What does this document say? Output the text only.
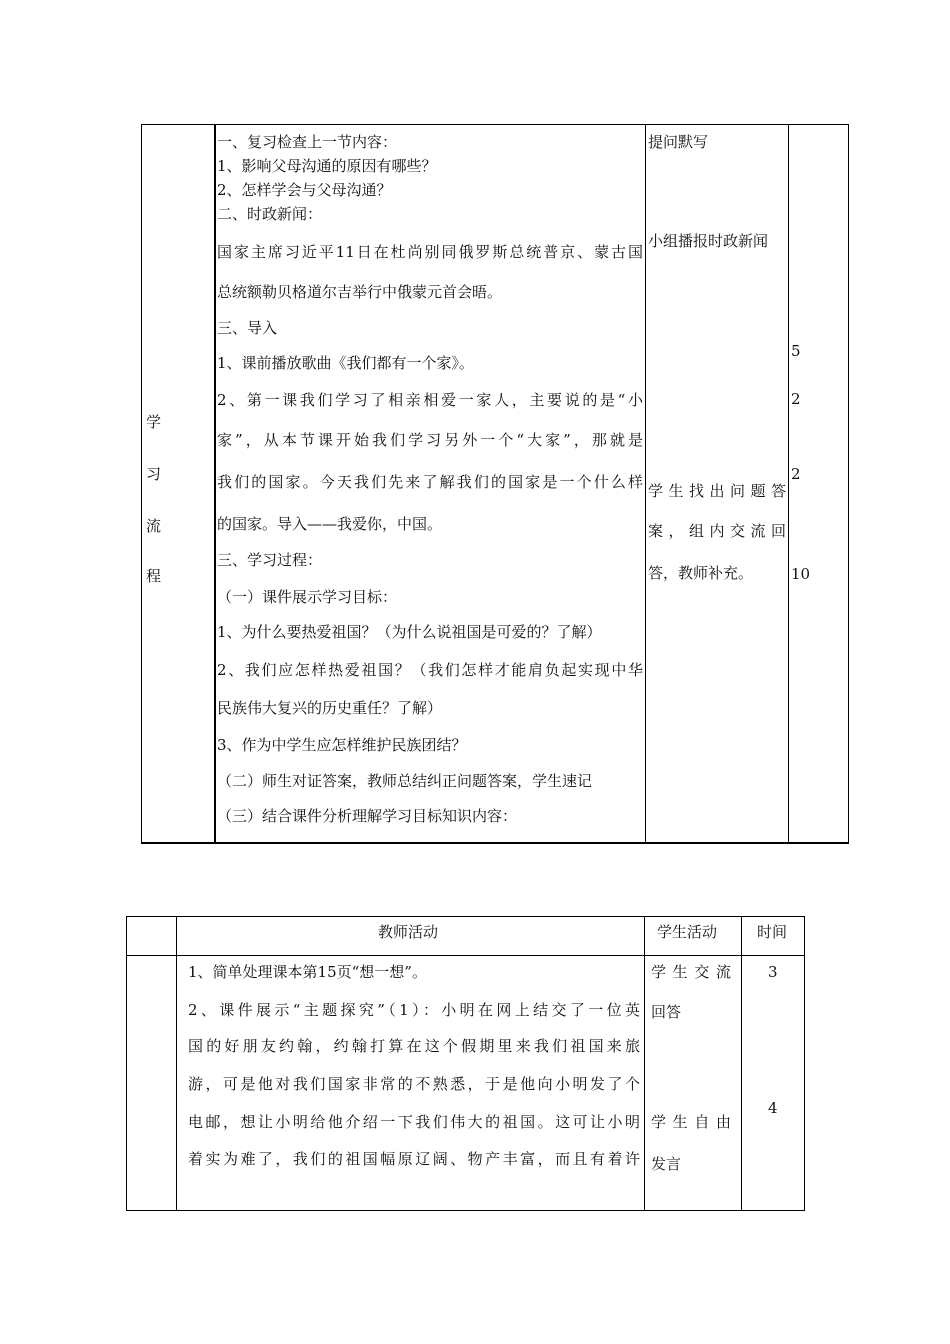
学
习
流
程
一、复习检查上一节内容：
1、影响父母沟通的原因有哪些？
2、怎样学会与父母沟通？
二、时政新闻：
国家主席习近平11日在杜尚别同俄罗斯总统普京、蒙古国
总统额勒贝格道尔吉举行中俄蒙元首会晤。
三、导入
1、课前播放歌曲《我们都有一个家》。
2、第一课我们学习了相亲相爱一家人，主要说的是“小
家”，从本节课开始我们学习另外一个“大家”，那就是
我们的国家。今天我们先来了解我们的国家是一个什么样
的国家。导入——我爱你，中国。
三、学习过程：
（一）课件展示学习目标：
1、为什么要热爱祖国？（为什么说祖国是可爱的？了解）
2、我们应怎样热爱祖国？（我们怎样才能肩负起实现中华
民族伟大复兴的历史重任？了解）
3、作为中学生应怎样维护民族团结？
（二）师生对证答案，教师总结纠正问题答案，学生速记
（三）结合课件分析理解学习目标知识内容：
提问默写
小组播报时政新闻
学生找出问题答
案，组内交流回
答，教师补充。
5
2
2
10
教师活动	学生活动	时间
1、简单处理课本第15页“想一想”。
2、课件展示“主题探究”（1）：小明在网上结交了一位英
国的好朋友约翰，约翰打算在这个假期里来我们祖国来旅
游，可是他对我们国家非常的不熟悉，于是他向小明发了个
电邮，想让小明给他介绍一下我们伟大的祖国。这可让小明
着实为难了，我们的祖国幅原辽阔、物产丰富，而且有着许
学生交流
回答
学生自由
发言
3
4
